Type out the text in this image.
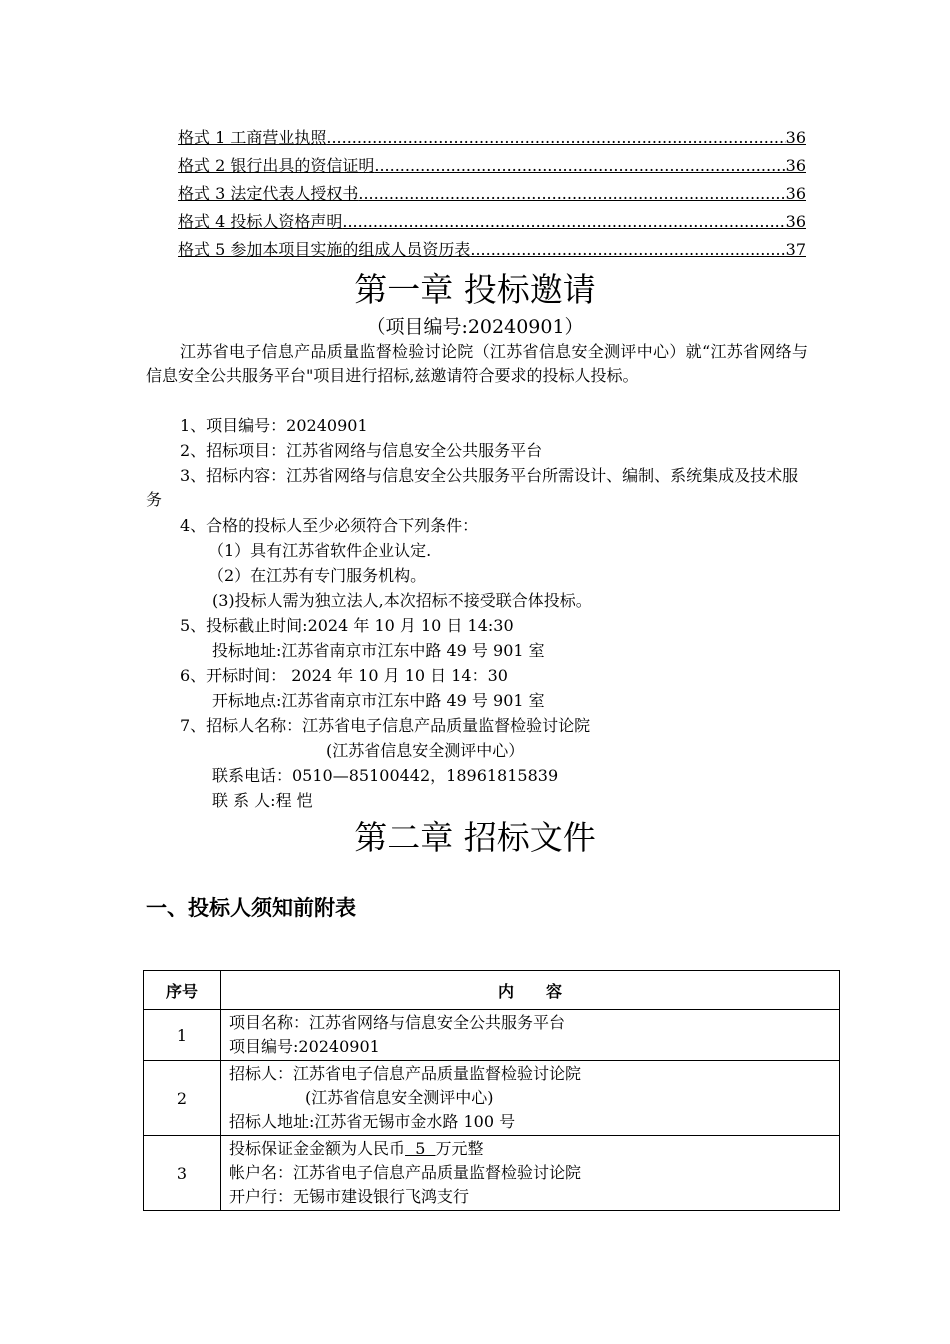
格式 1 工商营业执照 .....	36
格式 2 银行出具的资信证明 .....	36
格式 3 法定代表人授权书 .....	36
格式 4 投标人资格声明 .....	36
格式 5 参加本项目实施的组成人员资历表 .....	37
第一章 投标邀请
（项目编号:20240901）
江苏省电子信息产品质量监督检验讨论院（江苏省信息安全测评中心）就“江苏省网络与信息安全公共服务平台"项目进行招标,兹邀请符合要求的投标人投标。
1、项目编号：20240901
2、招标项目：江苏省网络与信息安全公共服务平台
3、招标内容：江苏省网络与信息安全公共服务平台所需设计、编制、系统集成及技术服务
4、合格的投标人至少必须符合下列条件：
（1）具有江苏省软件企业认定.
（2）在江苏有专门服务机构。
(3)投标人需为独立法人,本次招标不接受联合体投标。
5、投标截止时间:2024 年 10 月 10 日 14:30
投标地址:江苏省南京市江东中路 49 号 901 室
6、开标时间： 2024 年 10 月 10 日 14：30
开标地点:江苏省南京市江东中路 49 号 901 室
7、招标人名称：江苏省电子信息产品质量监督检验讨论院
(江苏省信息安全测评中心）
联系电话：0510—85100442，18961815839
联 系 人:程 恺
第二章 招标文件
一、投标人须知前附表
序号	内　　容
1	项目名称：江苏省网络与信息安全公共服务平台
项目编号:20240901

2	招标人：江苏省电子信息产品质量监督检验讨论院
(江苏省信息安全测评中心)
招标人地址:江苏省无锡市金水路 100 号

3	投标保证金金额为人民币  5  万元整
帐户名：江苏省电子信息产品质量监督检验讨论院
开户行：无锡市建设银行飞鸿支行
